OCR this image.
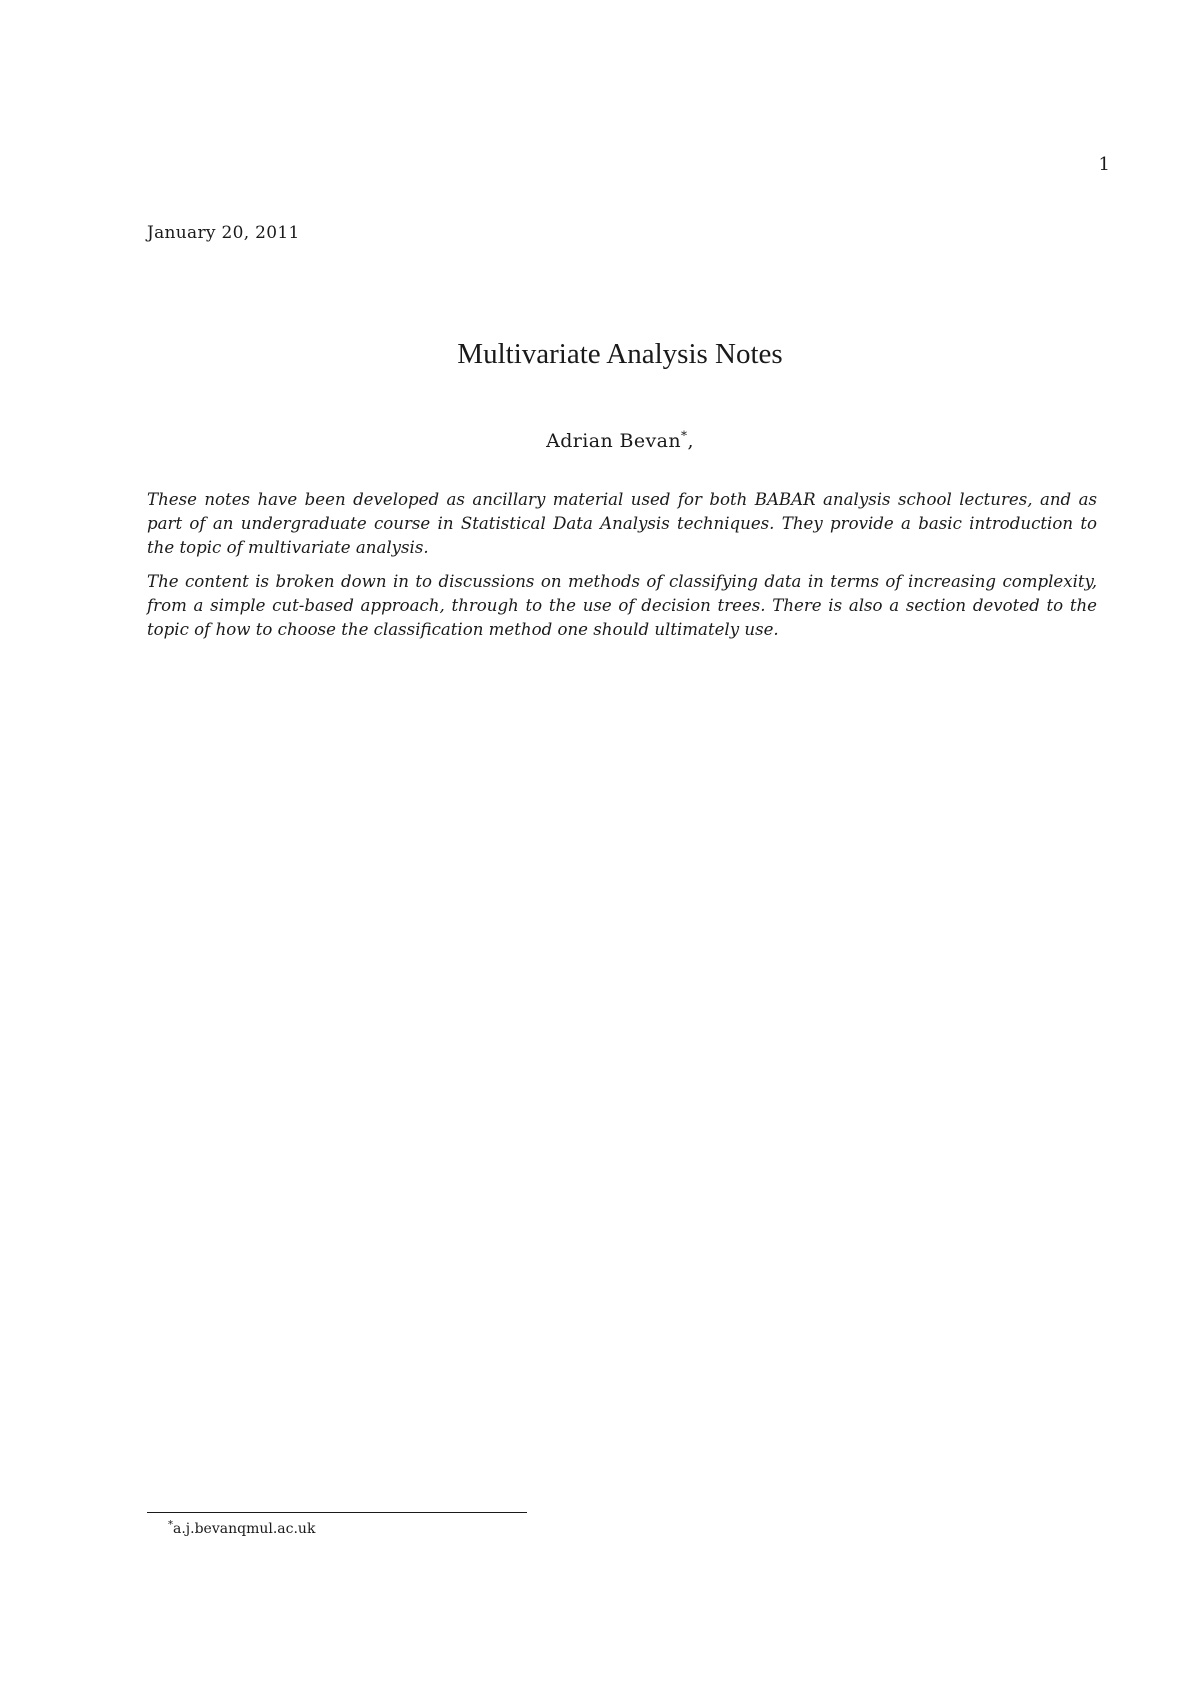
1
January 20, 2011
Multivariate Analysis Notes
Adrian Bevan*,

These notes have been developed as ancillary material used for both BABAR analysis school lectures, and as part of an undergraduate course in Statistical Data Analysis techniques. They provide a basic introduction to the topic of multivariate analysis.

The content is broken down in to discussions on methods of classifying data in terms of increasing complexity, from a simple cut-based approach, through to the use of decision trees. There is also a section devoted to the topic of how to choose the classification method one should ultimately use.

*a.j.bevanqmul.ac.uk
